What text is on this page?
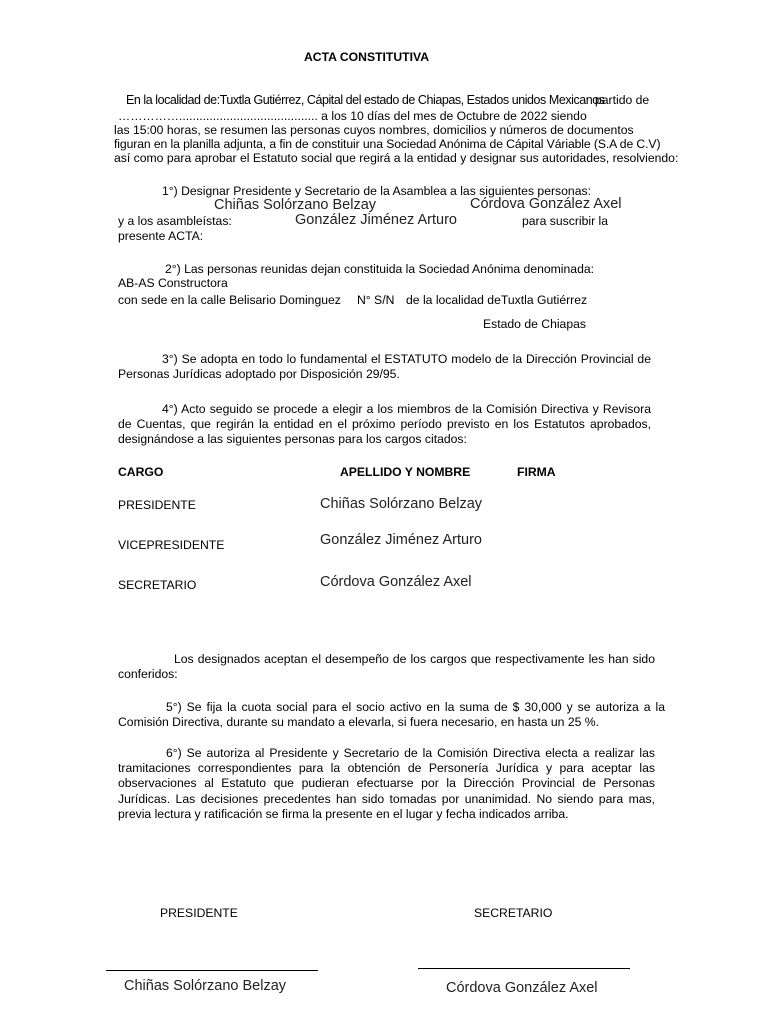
ACTA CONSTITUTIVA
En la localidad de:Tuxtla Gutiérrez, Cápital del estado de Chiapas, Estados unidos Mexicanos
partido de
……………......................................... a los 10 días del mes de Octubre de 2022 siendo
las 15:00 horas, se resumen las personas cuyos nombres, domicilios y números de documentos
figuran en la planilla adjunta, a fin de constituir una Sociedad Anónima de Cápital Váriable (S.A de C.V)
así como para aprobar el Estatuto social que regirá a la entidad y designar sus autoridades, resolviendo:
1°) Designar Presidente y Secretario de la Asamblea a las siguientes personas:
Chiñas Solórzano Belzay	Córdova González Axel
y a los asambleístas:	González Jiménez Arturo	para suscribir la
presente ACTA:
2°) Las personas reunidas dejan constituida la Sociedad Anónima denominada:
AB-AS Constructora
con sede en la calle Belisario Dominguez N° S/N de la localidad deTuxtla Gutiérrez
Estado de Chiapas
3°) Se adopta en todo lo fundamental el ESTATUTO modelo de la Dirección Provincial de Personas Jurídicas adoptado por Disposición 29/95.
4°) Acto seguido se procede a elegir a los miembros de la Comisión Directiva y Revisora de Cuentas, que regirán la entidad en el próximo período previsto en los Estatutos aprobados, designándose a las siguientes personas para los cargos citados:
CARGO	APELLIDO Y NOMBRE	FIRMA
PRESIDENTE	Chiñas Solórzano Belzay
VICEPRESIDENTE	González Jiménez Arturo
SECRETARIO	Córdova González Axel
Los designados aceptan el desempeño de los cargos que respectivamente les han sido conferidos:
5°) Se fija la cuota social para el socio activo en la suma de $ 30,000 y se autoriza a la Comisión Directiva, durante su mandato a elevarla, si fuera necesario, en hasta un 25 %.
6°) Se autoriza al Presidente y Secretario de la Comisión Directiva electa a realizar las tramitaciones correspondientes para la obtención de Personería Jurídica y para aceptar las observaciones al Estatuto que pudieran efectuarse por la Dirección Provincial de Personas Jurídicas. Las decisiones precedentes han sido tomadas por unanimidad. No siendo para mas, previa lectura y ratificación se firma la presente en el lugar y fecha indicados arriba.
PRESIDENTE	SECRETARIO
Chiñas Solórzano Belzay	Córdova González Axel
